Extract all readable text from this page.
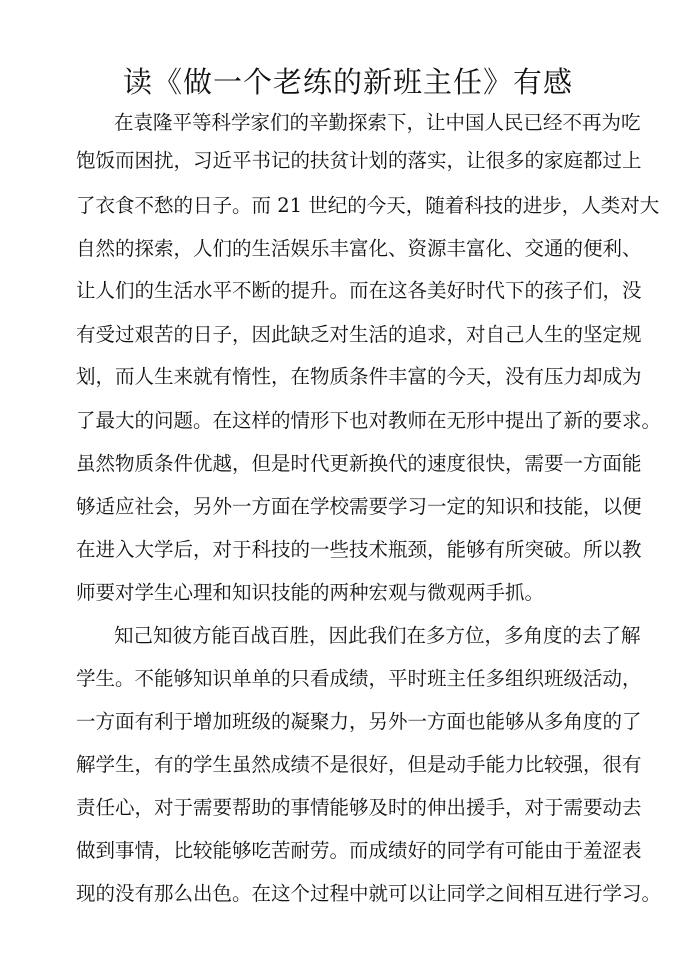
读《做一个老练的新班主任》有感
在袁隆平等科学家们的辛勤探索下，让中国人民已经不再为吃
饱饭而困扰，习近平书记的扶贫计划的落实，让很多的家庭都过上
了衣食不愁的日子。而 21 世纪的今天，随着科技的进步，人类对大
自然的探索，人们的生活娱乐丰富化、资源丰富化、交通的便利、
让人们的生活水平不断的提升。而在这各美好时代下的孩子们，没
有受过艰苦的日子，因此缺乏对生活的追求，对自己人生的坚定规
划，而人生来就有惰性，在物质条件丰富的今天，没有压力却成为
了最大的问题。在这样的情形下也对教师在无形中提出了新的要求。
虽然物质条件优越，但是时代更新换代的速度很快，需要一方面能
够适应社会，另外一方面在学校需要学习一定的知识和技能，以便
在进入大学后，对于科技的一些技术瓶颈，能够有所突破。所以教
师要对学生心理和知识技能的两种宏观与微观两手抓。
知己知彼方能百战百胜，因此我们在多方位，多角度的去了解
学生。不能够知识单单的只看成绩，平时班主任多组织班级活动，
一方面有利于增加班级的凝聚力，另外一方面也能够从多角度的了
解学生，有的学生虽然成绩不是很好，但是动手能力比较强，很有
责任心，对于需要帮助的事情能够及时的伸出援手，对于需要动去
做到事情，比较能够吃苦耐劳。而成绩好的同学有可能由于羞涩表
现的没有那么出色。在这个过程中就可以让同学之间相互进行学习。
